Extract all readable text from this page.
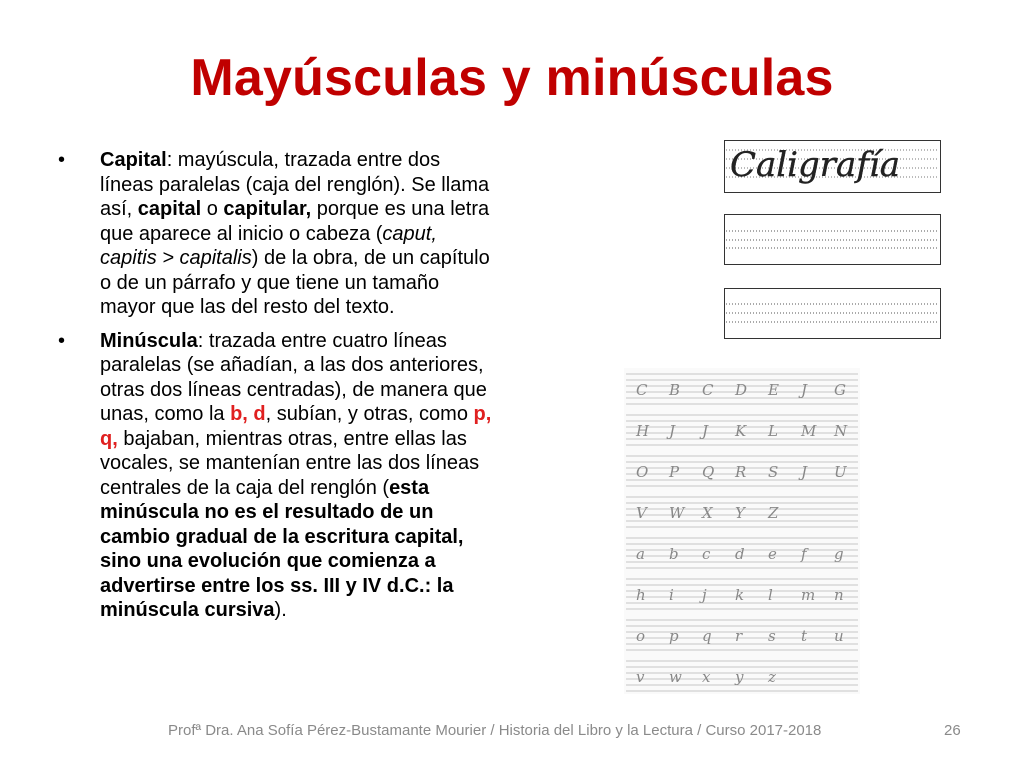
Mayúsculas y minúsculas
• Capital: mayúscula, trazada entre dos líneas paralelas (caja del renglón). Se llama así, capital o capitular, porque es una letra que aparece al inicio o cabeza (caput, capitis > capitalis) de la obra, de un capítulo o de un párrafo y que tiene un tamaño mayor que las del resto del texto.
• Minúscula: trazada entre cuatro líneas paralelas (se añadían, a las dos anteriores, otras dos líneas centradas), de manera que unas, como la b, d, subían, y otras, como p, q, bajaban, mientras otras, entre ellas las vocales, se mantenían entre las dos líneas centrales de la caja del renglón (esta minúscula no es el resultado de un cambio gradual de la escritura capital, sino una evolución que comienza a advertirse entre los ss. III y IV d.C.: la minúscula cursiva).
Caligrafía
C B C D E J G
H J J K L M N
O P Q R S J U
V W X Y Z
a b c d e f g
h i j k l m n
o p q r s t u
v w x y z
Profª Dra. Ana Sofía Pérez-Bustamante Mourier / Historia del Libro y la Lectura / Curso 2017-2018	26
